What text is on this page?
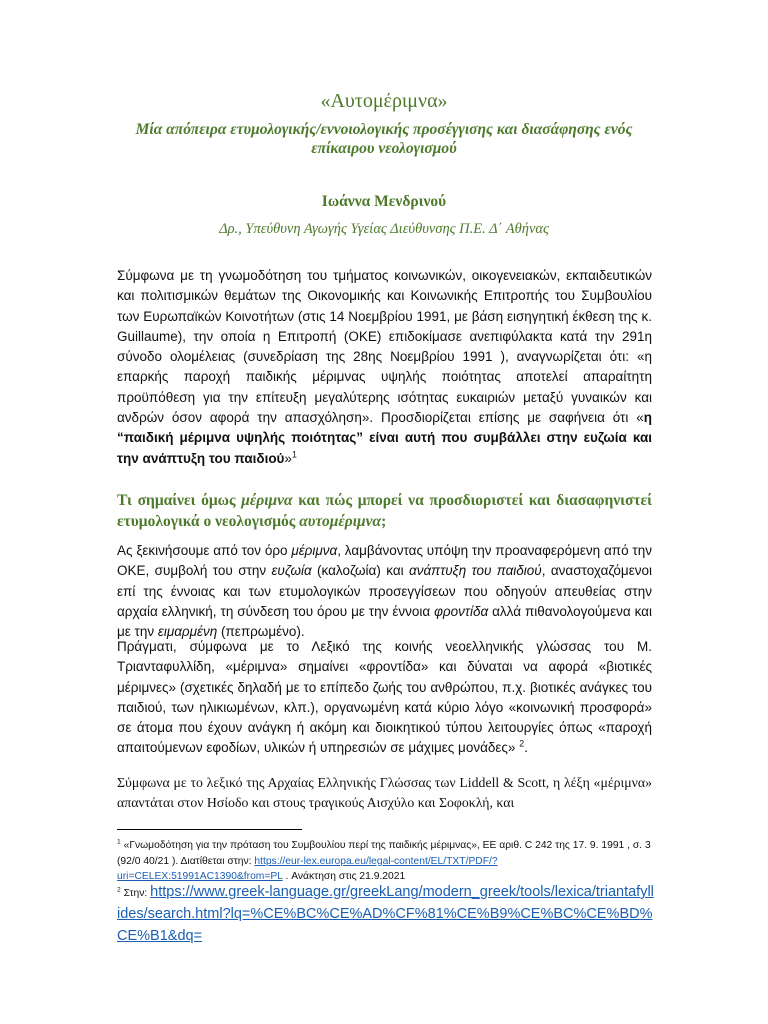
«Αυτομέριμνα»
Μία απόπειρα ετυμολογικής/εννοιολογικής προσέγγισης και διασάφησης ενός επίκαιρου νεολογισμού
Ιωάννα Μενδρινού
Δρ., Υπεύθυνη Αγωγής Υγείας Διεύθυνσης Π.Ε. Δ΄ Αθήνας

Σύμφωνα με τη γνωμοδότηση του τμήματος κοινωνικών, οικογενειακών, εκπαιδευτικών και πολιτισμικών θεμάτων της Οικονομικής και Κοινωνικής Επιτροπής του Συμβουλίου των Ευρωπαϊκών Κοινοτήτων (στις 14 Νοεμβρίου 1991, με βάση εισηγητική έκθεση της κ. Guillaume), την οποία η Επιτροπή (ΟΚΕ) επιδοκίμασε ανεπιφύλακτα κατά την 291η σύνοδο ολομέλειας (συνεδρίαση της 28ης Νοεμβρίου 1991 ), αναγνωρίζεται ότι: «η επαρκής παροχή παιδικής μέριμνας υψηλής ποιότητας αποτελεί απαραίτητη προϋπόθεση για την επίτευξη μεγαλύτερης ισότητας ευκαιριών μεταξύ γυναικών και ανδρών όσον αφορά την απασχόληση». Προσδιορίζεται επίσης με σαφήνεια ότι «η “παιδική μέριμνα υψηλής ποιότητας” είναι αυτή που συμβάλλει στην ευζωία και την ανάπτυξη του παιδιού»$^1$

Τι σημαίνει όμως μέριμνα και πώς μπορεί να προσδιοριστεί και διασαφηνιστεί ετυμολογικά ο νεολογισμός αυτομέριμνα;

Ας ξεκινήσουμε από τον όρο μέριμνα, λαμβάνοντας υπόψη την προαναφερόμενη από την ΟΚΕ, συμβολή του στην ευζωία (καλοζωία) και ανάπτυξη του παιδιού, αναστοχαζόμενοι επί της έννοιας και των ετυμολογικών προσεγγίσεων που οδηγούν απευθείας στην αρχαία ελληνική, τη σύνδεση του όρου με την έννοια φροντίδα αλλά πιθανολογούμενα και με την ειμαρμένη (πεπρωμένο).

Πράγματι, σύμφωνα με το Λεξικό της κοινής νεοελληνικής γλώσσας του Μ. Τριανταφυλλίδη, «μέριμνα» σημαίνει «φροντίδα» και δύναται να αφορά «βιοτικές μέριμνες» (σχετικές δηλαδή με το επίπεδο ζωής του ανθρώπου, π.χ. βιοτικές ανάγκες του παιδιού, των ηλικιωμένων, κλπ.), οργανωμένη κατά κύριο λόγο «κοινωνική προσφορά» σε άτομα που έχουν ανάγκη ή ακόμη και διοικητικού τύπου λειτουργίες όπως «παροχή απαιτούμενων εφοδίων, υλικών ή υπηρεσιών σε μάχιμες μονάδες» $^2$.

Σύμφωνα με το λεξικό της Αρχαίας Ελληνικής Γλώσσας των Liddell & Scott, η λέξη «μέριμνα» απαντάται στον Ησίοδο και στους τραγικούς Αισχύλο και Σοφοκλή, και

$^1$ «Γνωμοδότηση για την πρόταση του Συμβουλίου περί της παιδικής μέριμνας», ΕΕ αριθ. C 242 της 17. 9. 1991 , σ. 3 (92/0 40/21 ). Διατίθεται στην: https://eur-lex.europa.eu/legal-content/EL/TXT/PDF/?uri=CELEX:51991AC1390&from=PL . Ανάκτηση στις 21.9.2021
$^2$ Στην: https://www.greek-language.gr/greekLang/modern_greek/tools/lexica/triantafyllides/search.html?lq=%CE%BC%CE%AD%CF%81%CE%B9%CE%BC%CE%BD%CE%B1&dq=
